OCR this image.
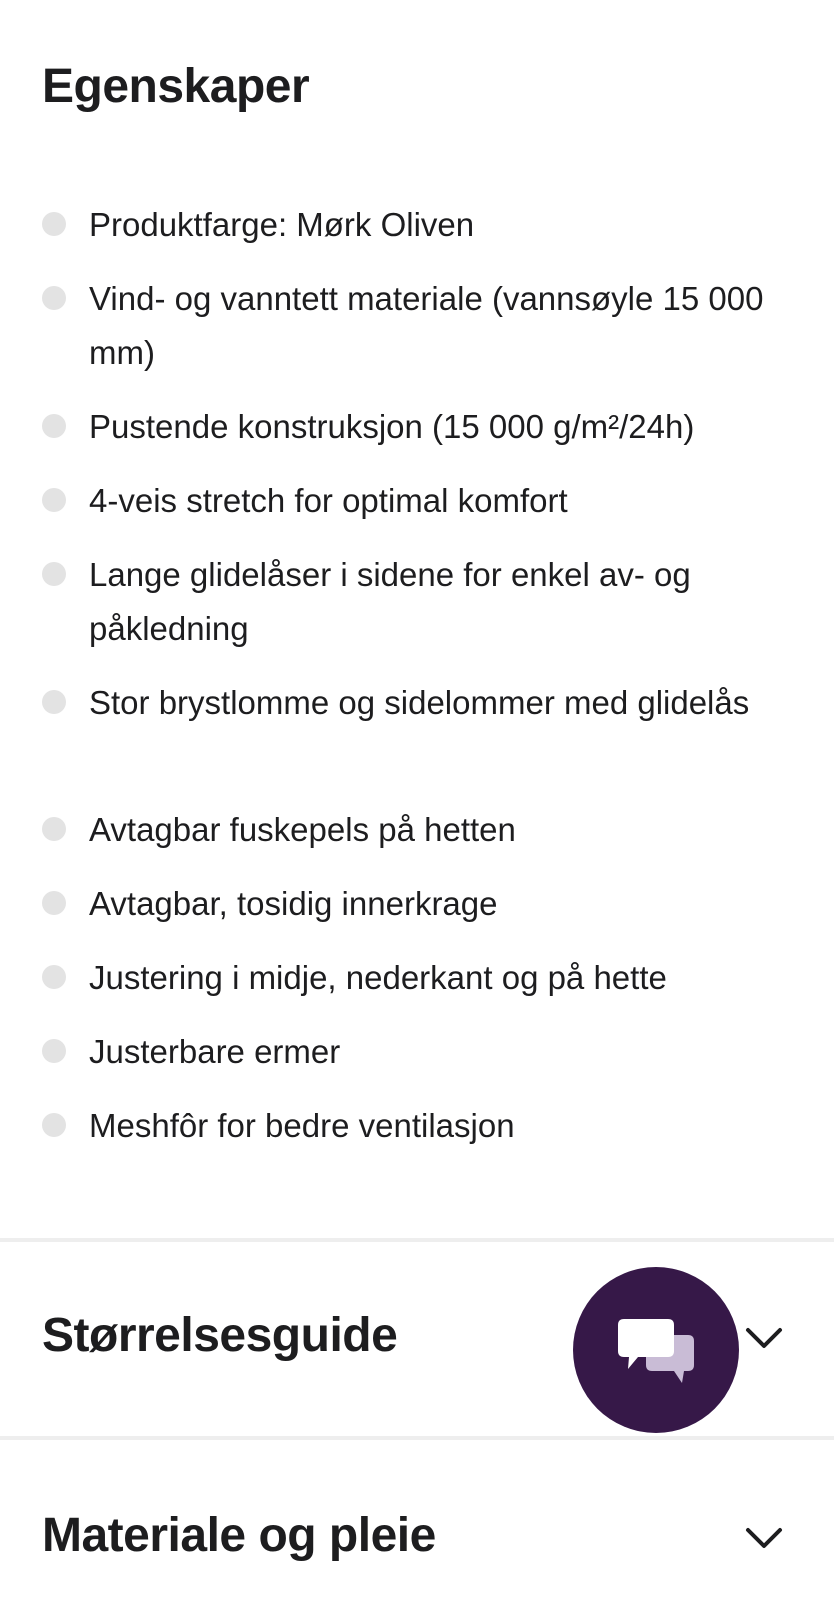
Egenskaper
Produktfarge: Mørk Oliven
Vind- og vanntett materiale (vannsøyle 15 000 mm)
Pustende konstruksjon (15 000 g/m²/24h)
4-veis stretch for optimal komfort
Lange glidelåser i sidene for enkel av- og påkledning
Stor brystlomme og sidelommer med glidelås
Avtagbar fuskepels på hetten
Avtagbar, tosidig innerkrage
Justering i midje, nederkant og på hette
Justerbare ermer
Meshfôr for bedre ventilasjon
Størrelsesguide
Materiale og pleie
